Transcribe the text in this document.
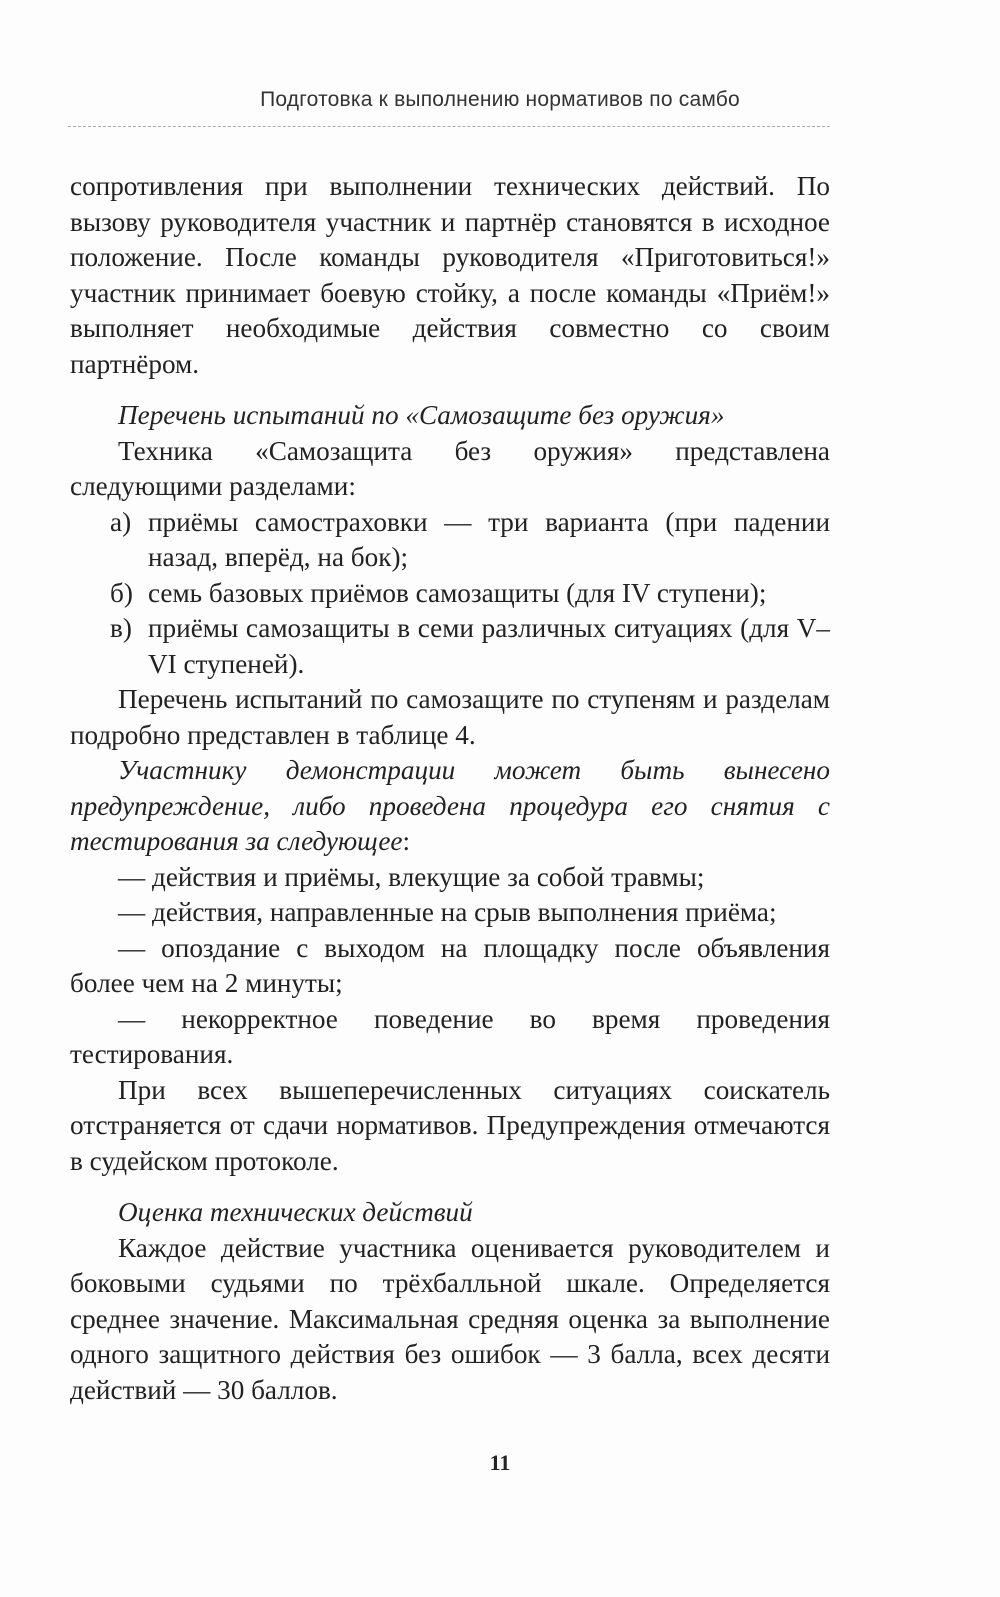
Подготовка к выполнению нормативов по самбо

сопротивления при выполнении технических действий. По вызову руководителя участник и партнёр становятся в исходное положение. После команды руководителя «Приготовиться!» участник принимает боевую стойку, а после команды «Приём!» выполняет необходимые действия совместно со своим партнёром.

Перечень испытаний по «Самозащите без оружия»

Техника «Самозащита без оружия» представлена следующими разделами:

а) приёмы самостраховки — три варианта (при падении назад, вперёд, на бок);

б) семь базовых приёмов самозащиты (для IV ступени);

в) приёмы самозащиты в семи различных ситуациях (для V–VI ступеней).

Перечень испытаний по самозащите по ступеням и разделам подробно представлен в таблице 4.

Участнику демонстрации может быть вынесено предупреждение, либо проведена процедура его снятия с тестирования за следующее:

— действия и приёмы, влекущие за собой травмы;

— действия, направленные на срыв выполнения приёма;

— опоздание с выходом на площадку после объявления более чем на 2 минуты;

— некорректное поведение во время проведения тестирования.

При всех вышеперечисленных ситуациях соискатель отстраняется от сдачи нормативов. Предупреждения отмечаются в судейском протоколе.

Оценка технических действий

Каждое действие участника оценивается руководителем и боковыми судьями по трёхбалльной шкале. Определяется среднее значение. Максимальная средняя оценка за выполнение одного защитного действия без ошибок — 3 балла, всех десяти действий — 30 баллов.

11
